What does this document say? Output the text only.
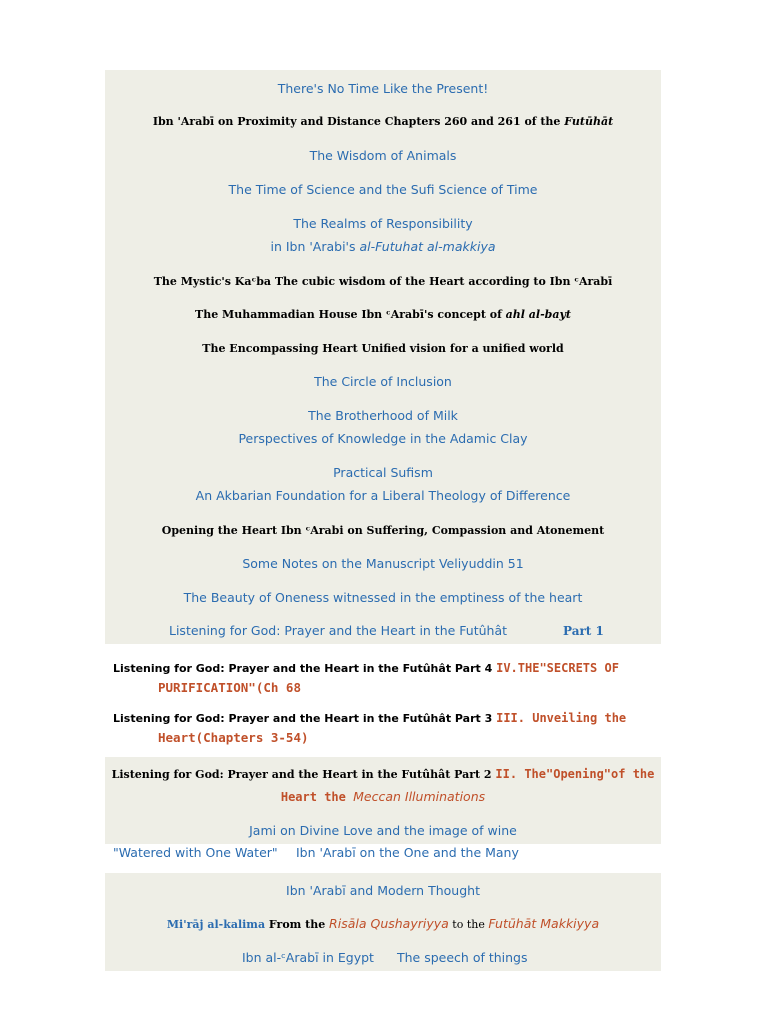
There's No Time Like the Present!
Ibn 'Arabī on Proximity and Distance Chapters 260 and 261 of the Futūhāt
The Wisdom of Animals
The Time of Science and the Sufi Science of Time
The Realms of Responsibility
in Ibn 'Arabi's al-Futuhat al-makkiya
The Mystic's Kaᶜba The cubic wisdom of the Heart according to Ibn ᶜArabī
The Muhammadian House Ibn ᶜArabī's concept of ahl al-bayt
The Encompassing Heart Unified vision for a unified world
The Circle of Inclusion
The Brotherhood of Milk
Perspectives of Knowledge in the Adamic Clay
Practical Sufism
An Akbarian Foundation for a Liberal Theology of Difference
Opening the Heart Ibn ᶜArabi on Suffering, Compassion and Atonement
Some Notes on the Manuscript Veliyuddin 51
The Beauty of Oneness witnessed in the emptiness of the heart
Listening for God: Prayer and the Heart in the Futûhât	Part 1
Listening for God: Prayer and the Heart in the Futûhât Part 4 IV.THE"SECRETS OF
PURIFICATION"(Ch 68
Listening for God: Prayer and the Heart in the Futûhât Part 3 III. Unveiling the
Heart(Chapters 3-54)
Listening for God: Prayer and the Heart in the Futûhât Part 2 II. The"Opening"of the
Heart the Meccan Illuminations
Jami on Divine Love and the image of wine
"Watered with One Water" Ibn 'Arabī on the One and the Many
Ibn 'Arabī and Modern Thought
Mi'rāj al-kalima From the Risāla Qushayriyya to the Futūhāt Makkiyya
Ibn al-ᶜArabī in Egypt The speech of things
